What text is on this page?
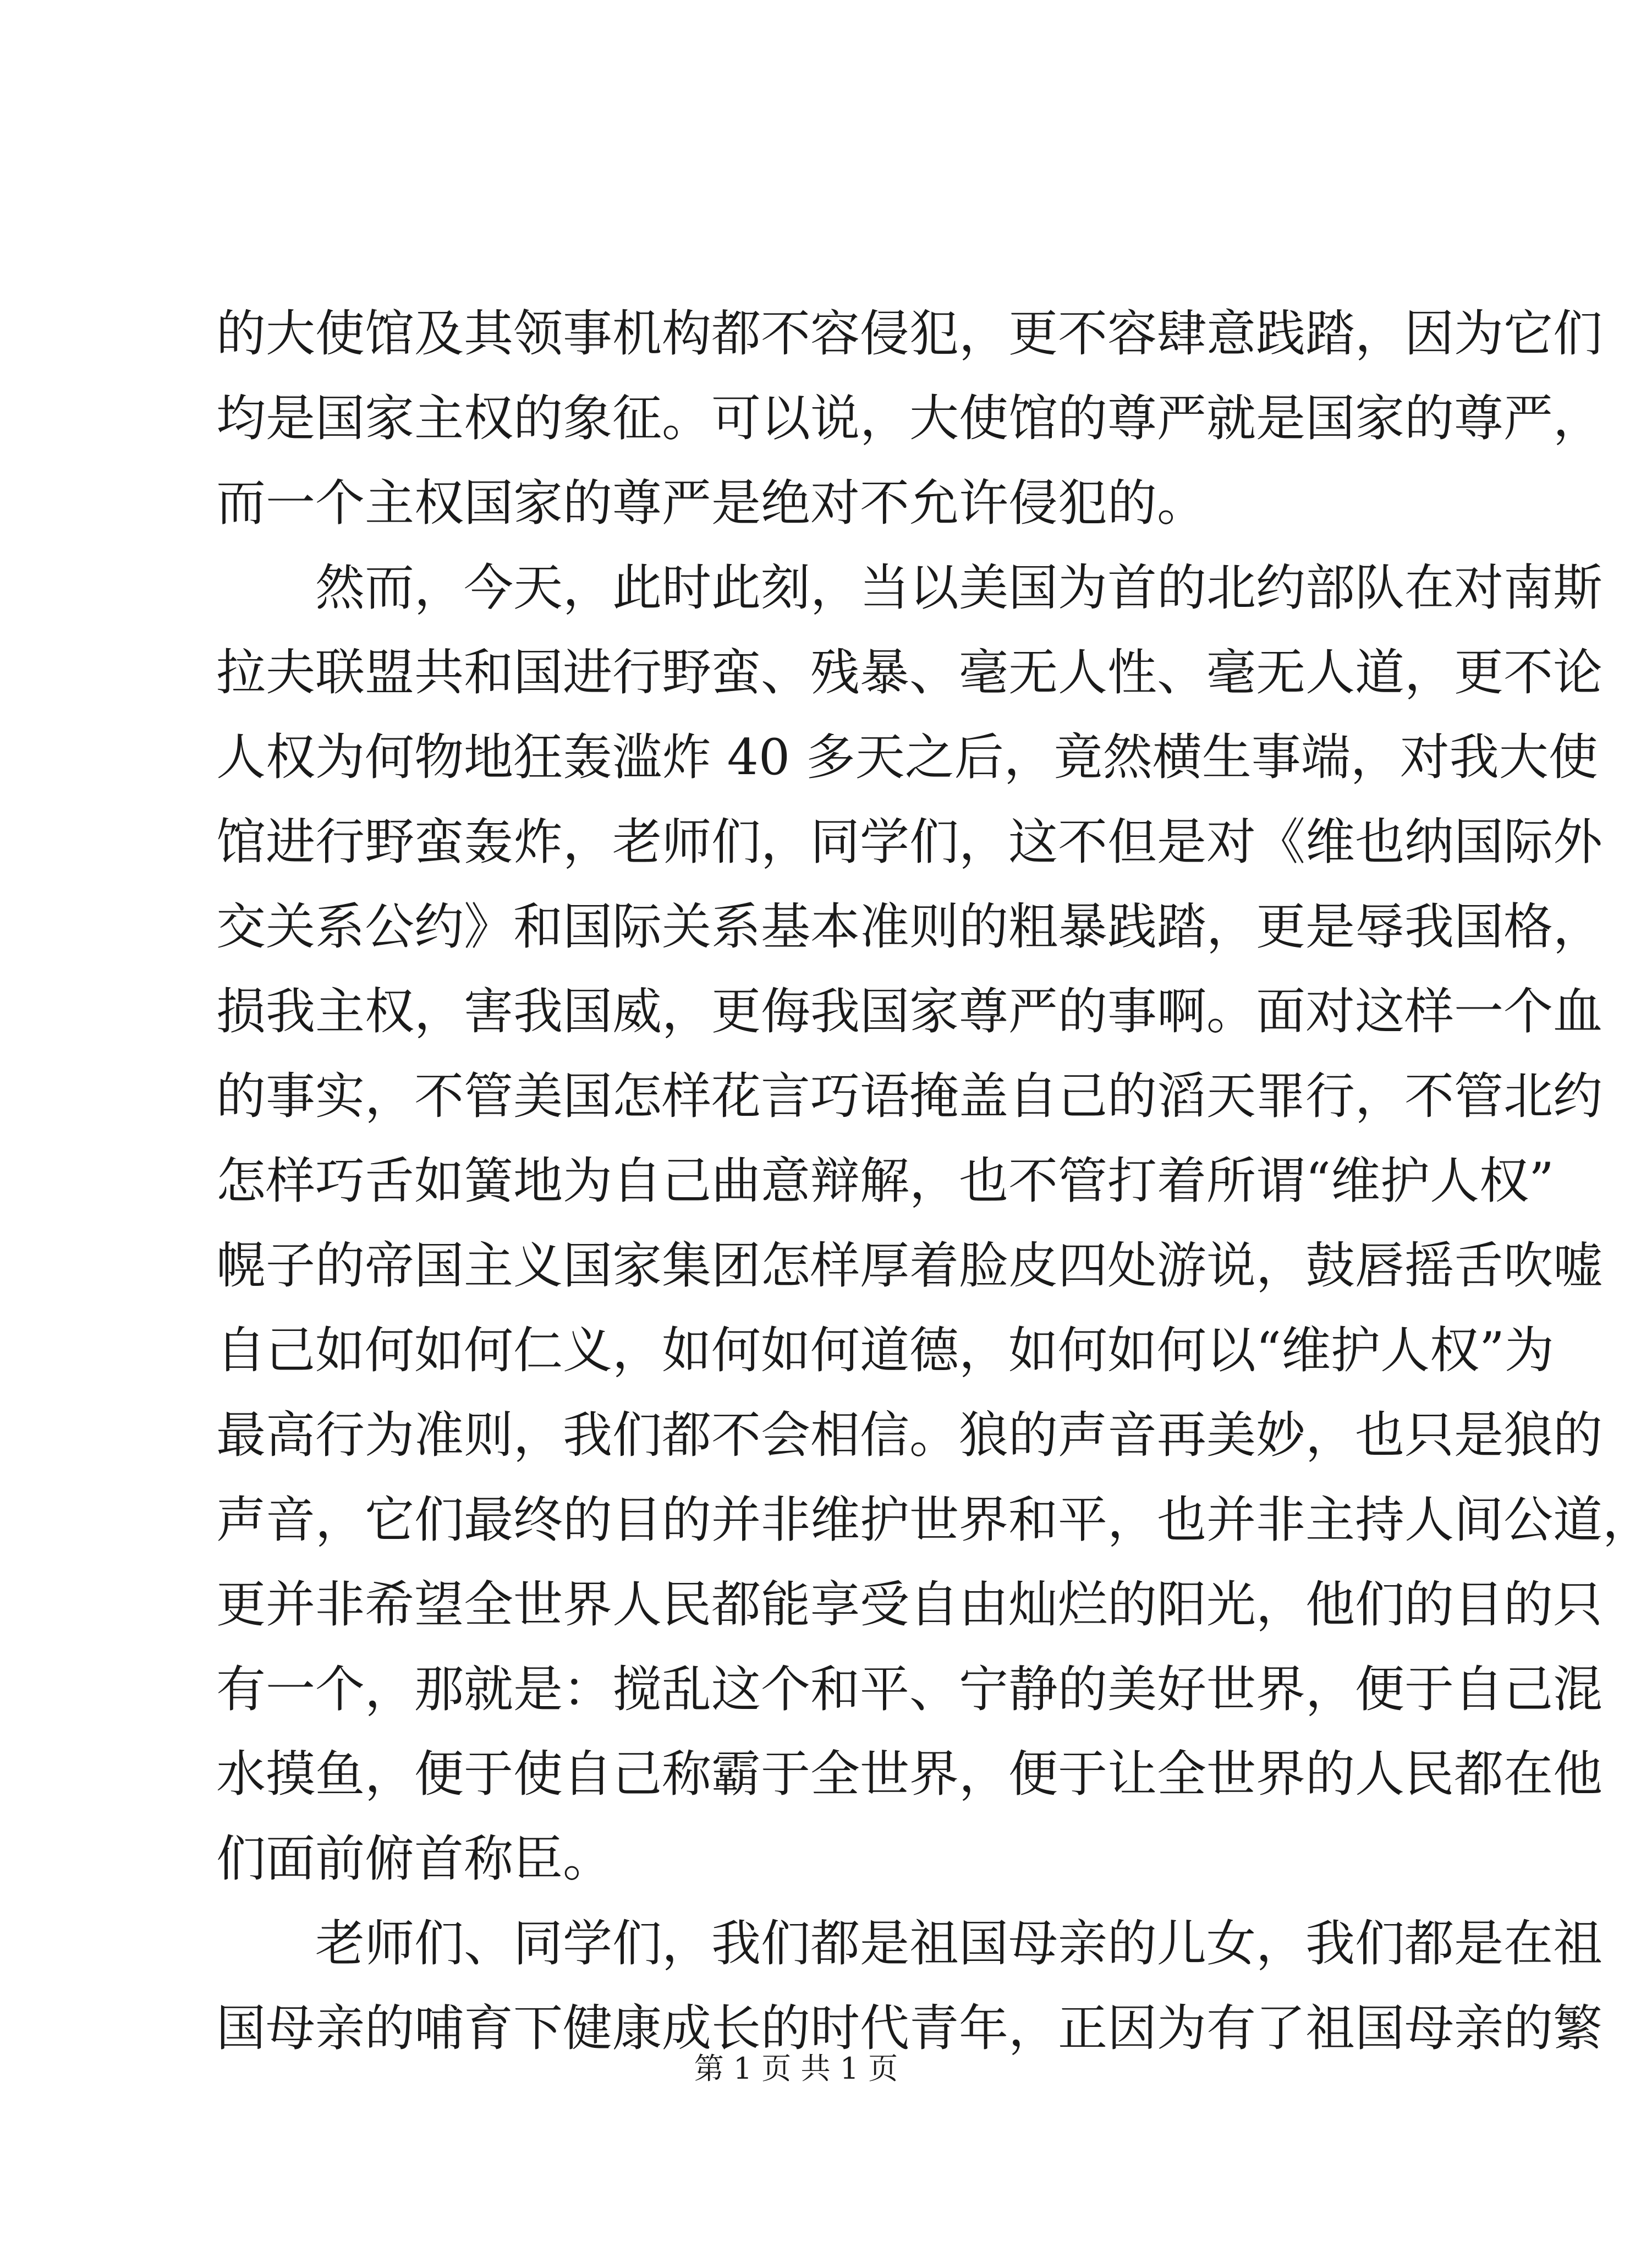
的大使馆及其领事机构都不容侵犯，更不容肆意践踏，因为它们
均是国家主权的象征。可以说，大使馆的尊严就是国家的尊严，
而一个主权国家的尊严是绝对不允许侵犯的。
　　然而，今天，此时此刻，当以美国为首的北约部队在对南斯
拉夫联盟共和国进行野蛮、残暴、毫无人性、毫无人道，更不论
人权为何物地狂轰滥炸 40 多天之后，竟然横生事端，对我大使
馆进行野蛮轰炸，老师们，同学们，这不但是对《维也纳国际外
交关系公约》和国际关系基本准则的粗暴践踏，更是辱我国格，
损我主权，害我国威，更侮我国家尊严的事啊。面对这样一个血
的事实，不管美国怎样花言巧语掩盖自己的滔天罪行，不管北约
怎样巧舌如簧地为自己曲意辩解，也不管打着所谓“维护人权”
幌子的帝国主义国家集团怎样厚着脸皮四处游说，鼓唇摇舌吹嘘
自己如何如何仁义，如何如何道德，如何如何以“维护人权”为
最高行为准则，我们都不会相信。狼的声音再美妙，也只是狼的
声音，它们最终的目的并非维护世界和平，也并非主持人间公道，
更并非希望全世界人民都能享受自由灿烂的阳光，他们的目的只
有一个，那就是：搅乱这个和平、宁静的美好世界，便于自己混
水摸鱼，便于使自己称霸于全世界，便于让全世界的人民都在他
们面前俯首称臣。
　　老师们、同学们，我们都是祖国母亲的儿女，我们都是在祖
国母亲的哺育下健康成长的时代青年，正因为有了祖国母亲的繁
第 1 页 共 1 页
